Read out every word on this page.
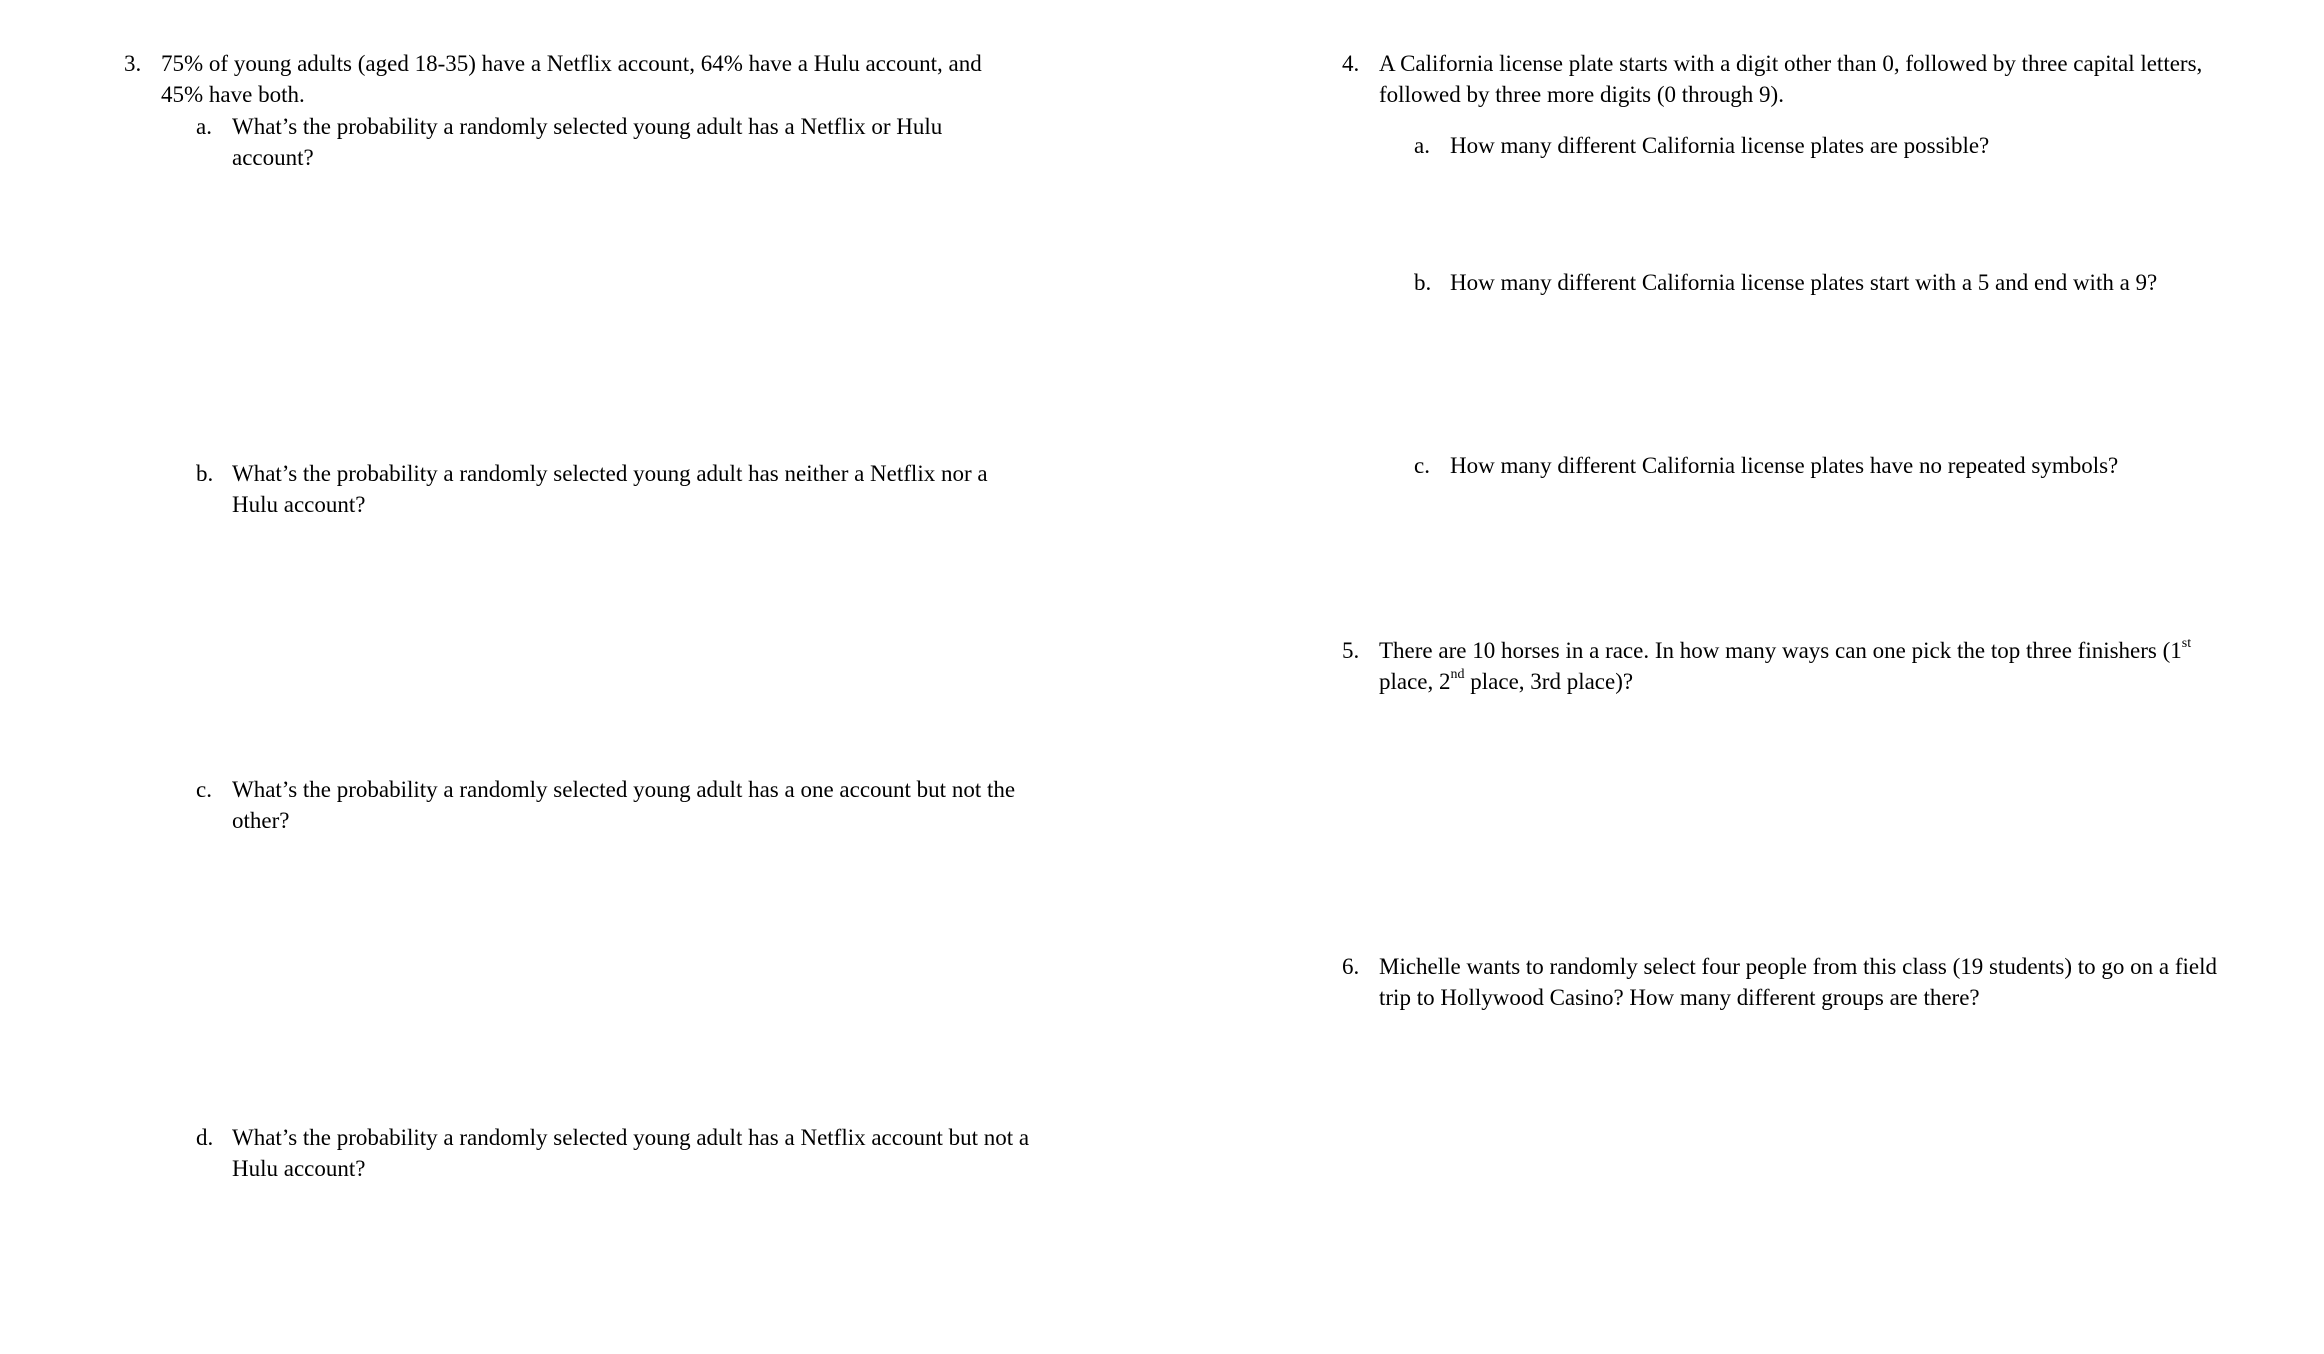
3. 75% of young adults (aged 18-35) have a Netflix account, 64% have a Hulu account, and 45% have both.
a. What’s the probability a randomly selected young adult has a Netflix or Hulu account?
b. What’s the probability a randomly selected young adult has neither a Netflix nor a Hulu account?
c. What’s the probability a randomly selected young adult has a one account but not the other?
d. What’s the probability a randomly selected young adult has a Netflix account but not a Hulu account?
4. A California license plate starts with a digit other than 0, followed by three capital letters, followed by three more digits (0 through 9).
a. How many different California license plates are possible?
b. How many different California license plates start with a 5 and end with a 9?
c. How many different California license plates have no repeated symbols?
5. There are 10 horses in a race. In how many ways can one pick the top three finishers (1st
place, 2nd place, 3rd place)?
6. Michelle wants to randomly select four people from this class (19 students) to go on a field trip to Hollywood Casino? How many different groups are there?
